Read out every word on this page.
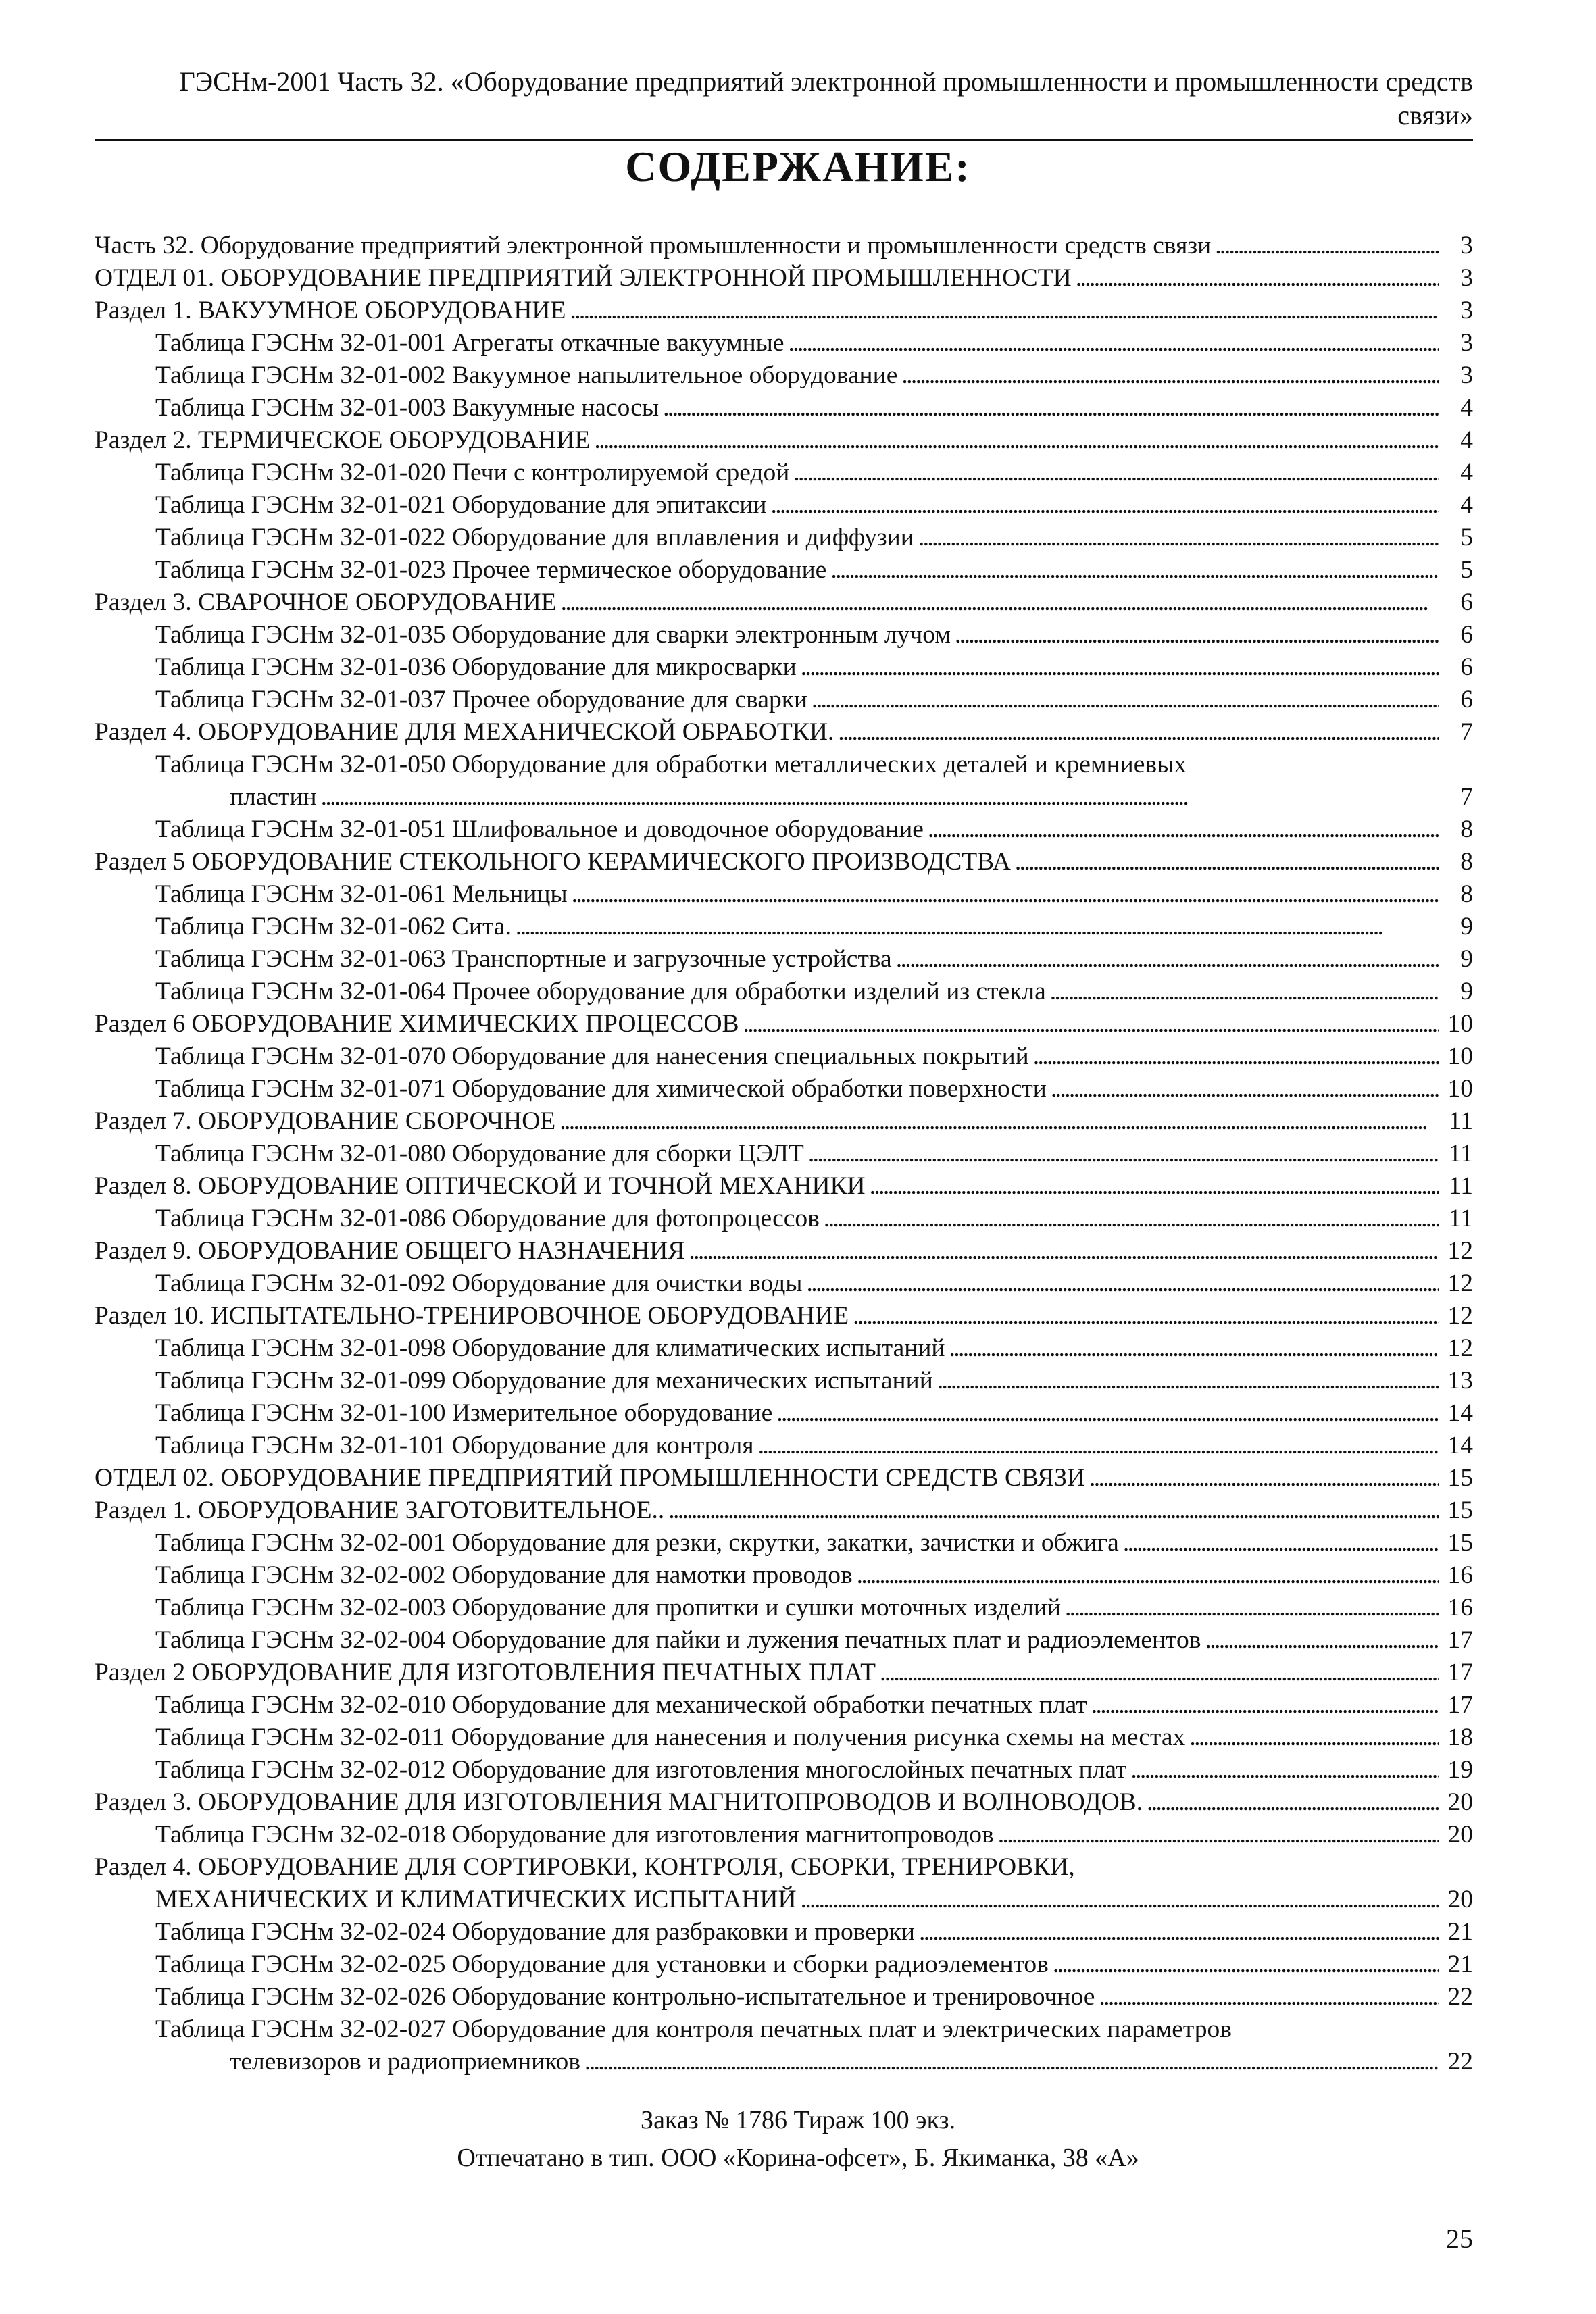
ГЭСНм-2001 Часть 32. «Оборудование предприятий электронной промышленности и промышленности средств
связи»
СОДЕРЖАНИЕ:
Часть 32. Оборудование предприятий электронной промышленности и промышленности средств связи . . .	3
ОТДЕЛ 01. ОБОРУДОВАНИЕ ПРЕДПРИЯТИЙ ЭЛЕКТРОННОЙ ПРОМЫШЛЕННОСТИ . . .	3
Раздел 1. ВАКУУМНОЕ ОБОРУДОВАНИЕ . . .	3
Таблица ГЭСНм 32-01-001 Агрегаты откачные вакуумные . . .	3
Таблица ГЭСНм 32-01-002 Вакуумное напылительное оборудование . . .	3
Таблица ГЭСНм 32-01-003 Вакуумные насосы . . .	4
Раздел 2. ТЕРМИЧЕСКОЕ ОБОРУДОВАНИЕ . . .	4
Таблица ГЭСНм 32-01-020 Печи с контролируемой средой . . .	4
Таблица ГЭСНм 32-01-021 Оборудование для эпитаксии . . .	4
Таблица ГЭСНм 32-01-022 Оборудование для вплавления и диффузии . . .	5
Таблица ГЭСНм 32-01-023 Прочее термическое оборудование . . .	5
Раздел 3. СВАРОЧНОЕ ОБОРУДОВАНИЕ . . .	6
Таблица ГЭСНм 32-01-035 Оборудование для сварки электронным лучом . . .	6
Таблица ГЭСНм 32-01-036 Оборудование для микросварки . . .	6
Таблица ГЭСНм 32-01-037 Прочее оборудование для сварки . . .	6
Раздел 4. ОБОРУДОВАНИЕ ДЛЯ МЕХАНИЧЕСКОЙ ОБРАБОТКИ. . . .	7
Таблица ГЭСНм 32-01-050 Оборудование для обработки металлических деталей и кремниевых
пластин . . .	7
Таблица ГЭСНм 32-01-051 Шлифовальное и доводочное оборудование . . .	8
Раздел 5 ОБОРУДОВАНИЕ СТЕКОЛЬНОГО КЕРАМИЧЕСКОГО ПРОИЗВОДСТВА . . .	8
Таблица ГЭСНм 32-01-061 Мельницы . . .	8
Таблица ГЭСНм 32-01-062 Сита. . . .	9
Таблица ГЭСНм 32-01-063 Транспортные и загрузочные устройства . . .	9
Таблица ГЭСНм 32-01-064 Прочее оборудование для обработки изделий из стекла . . .	9
Раздел 6 ОБОРУДОВАНИЕ ХИМИЧЕСКИХ ПРОЦЕССОВ . . .	10
Таблица ГЭСНм 32-01-070 Оборудование для нанесения специальных покрытий . . .	10
Таблица ГЭСНм 32-01-071 Оборудование для химической обработки поверхности . . .	10
Раздел 7. ОБОРУДОВАНИЕ СБОРОЧНОЕ . . .	11
Таблица ГЭСНм 32-01-080 Оборудование для сборки ЦЭЛТ . . .	11
Раздел 8. ОБОРУДОВАНИЕ ОПТИЧЕСКОЙ И ТОЧНОЙ МЕХАНИКИ . . .	11
Таблица ГЭСНм 32-01-086 Оборудование для фотопроцессов . . .	11
Раздел 9. ОБОРУДОВАНИЕ ОБЩЕГО НАЗНАЧЕНИЯ . . .	12
Таблица ГЭСНм 32-01-092 Оборудование для очистки воды . . .	12
Раздел 10. ИСПЫТАТЕЛЬНО-ТРЕНИРОВОЧНОЕ ОБОРУДОВАНИЕ . . .	12
Таблица ГЭСНм 32-01-098 Оборудование для климатических испытаний . . .	12
Таблица ГЭСНм 32-01-099 Оборудование для механических испытаний . . .	13
Таблица ГЭСНм 32-01-100 Измерительное оборудование . . .	14
Таблица ГЭСНм 32-01-101 Оборудование для контроля . . .	14
ОТДЕЛ 02. ОБОРУДОВАНИЕ ПРЕДПРИЯТИЙ ПРОМЫШЛЕННОСТИ СРЕДСТВ СВЯЗИ . . .	15
Раздел 1. ОБОРУДОВАНИЕ ЗАГОТОВИТЕЛЬНОЕ.. . . .	15
Таблица ГЭСНм 32-02-001 Оборудование для резки, скрутки, закатки, зачистки и обжига . . .	15
Таблица ГЭСНм 32-02-002 Оборудование для намотки проводов . . .	16
Таблица ГЭСНм 32-02-003 Оборудование для пропитки и сушки моточных изделий . . .	16
Таблица ГЭСНм 32-02-004 Оборудование для пайки и лужения печатных плат и радиоэлементов . . .	17
Раздел 2 ОБОРУДОВАНИЕ ДЛЯ ИЗГОТОВЛЕНИЯ ПЕЧАТНЫХ ПЛАТ . . .	17
Таблица ГЭСНм 32-02-010 Оборудование для механической обработки печатных плат . . .	17
Таблица ГЭСНм 32-02-011 Оборудование для нанесения и получения рисунка схемы на местах . . .	18
Таблица ГЭСНм 32-02-012 Оборудование для изготовления многослойных печатных плат . . .	19
Раздел 3. ОБОРУДОВАНИЕ ДЛЯ ИЗГОТОВЛЕНИЯ МАГНИТОПРОВОДОВ И ВОЛНОВОДОВ. . . .	20
Таблица ГЭСНм 32-02-018 Оборудование для изготовления магнитопроводов . . .	20
Раздел 4. ОБОРУДОВАНИЕ ДЛЯ СОРТИРОВКИ, КОНТРОЛЯ, СБОРКИ, ТРЕНИРОВКИ,
МЕХАНИЧЕСКИХ И КЛИМАТИЧЕСКИХ ИСПЫТАНИЙ . . .	20
Таблица ГЭСНм 32-02-024 Оборудование для разбраковки и проверки . . .	21
Таблица ГЭСНм 32-02-025 Оборудование для установки и сборки радиоэлементов . . .	21
Таблица ГЭСНм 32-02-026 Оборудование контрольно-испытательное и тренировочное . . .	22
Таблица ГЭСНм 32-02-027 Оборудование для контроля печатных плат и электрических параметров
телевизоров и радиоприемников . . .	22
Заказ № 1786 Тираж 100 экз.
Отпечатано в тип. ООО «Корина-офсет», Б. Якиманка, 38 «А»
25
